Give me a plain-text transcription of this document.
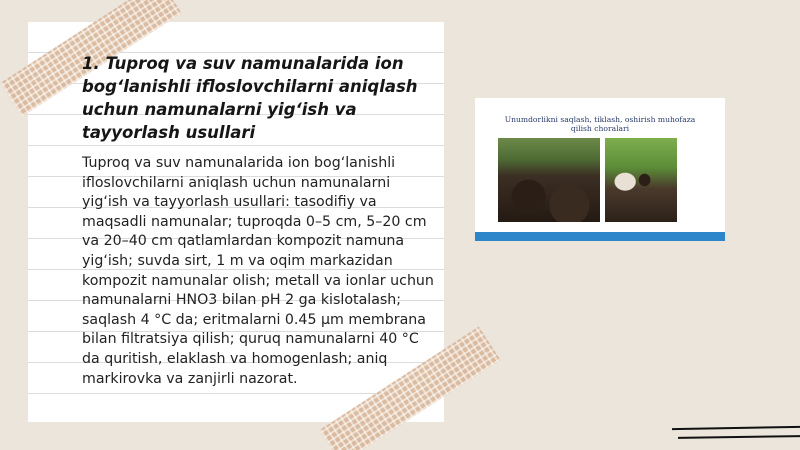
1. Tuproq va suv namunalarida ion bog‘lanishli ifloslovchilarni aniqlash uchun namunalarni yig‘ish va tayyorlash usullari
Tuproq va suv namunalarida ion bog‘lanishli ifloslovchilarni aniqlash uchun namunalarni yig‘ish va tayyorlash usullari: tasodifiy va maqsadli namunalar; tuproqda 0–5 cm, 5–20 cm va 20–40 cm qatlamlardan kompozit namuna yig‘ish; suvda sirt, 1 m va oqim markazidan kompozit namunalar olish; metall va ionlar uchun namunalarni HNO3 bilan pH 2 ga kislotalash; saqlash 4 °C da; eritmalarni 0.45 μm membrana bilan filtratsiya qilish; quruq namunalarni 40 °C da quritish, elaklash va homogenlash; aniq markirovka va zanjirli nazorat.
Unumdorlikni saqlash, tiklash, oshirish muhofaza
qilish choralari
